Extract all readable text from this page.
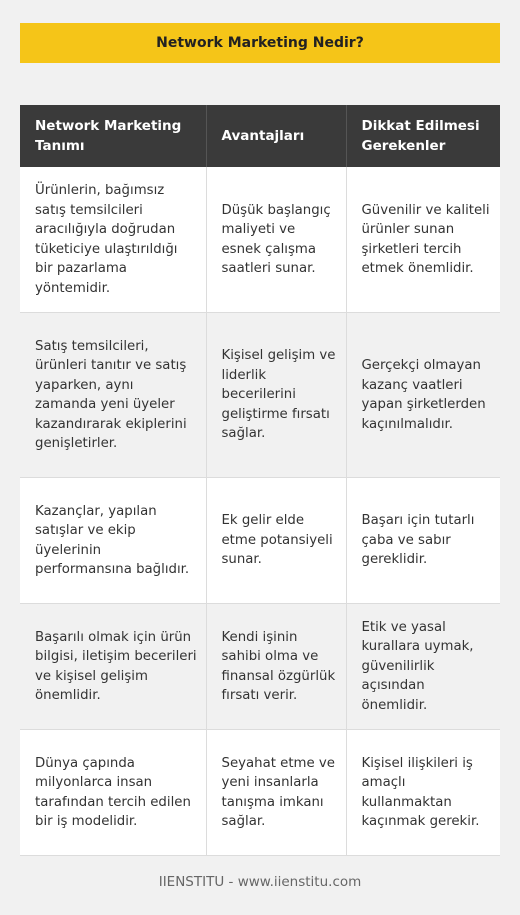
Network Marketing Nedir?
Network Marketing Tanımı	Avantajları	Dikkat Edilmesi Gerekenler
Ürünlerin, bağımsız satış temsilcileri aracılığıyla doğrudan tüketiciye ulaştırıldığı bir pazarlama yöntemidir.	Düşük başlangıç maliyeti ve esnek çalışma saatleri sunar.	Güvenilir ve kaliteli ürünler sunan şirketleri tercih etmek önemlidir.
Satış temsilcileri, ürünleri tanıtır ve satış yaparken, aynı zamanda yeni üyeler kazandırarak ekiplerini genişletirler.	Kişisel gelişim ve liderlik becerilerini geliştirme fırsatı sağlar.	Gerçekçi olmayan kazanç vaatleri yapan şirketlerden kaçınılmalıdır.
Kazançlar, yapılan satışlar ve ekip üyelerinin performansına bağlıdır.	Ek gelir elde etme potansiyeli sunar.	Başarı için tutarlı çaba ve sabır gereklidir.
Başarılı olmak için ürün bilgisi, iletişim becerileri ve kişisel gelişim önemlidir.	Kendi işinin sahibi olma ve finansal özgürlük fırsatı verir.	Etik ve yasal kurallara uymak, güvenilirlik açısından önemlidir.
Dünya çapında milyonlarca insan tarafından tercih edilen bir iş modelidir.	Seyahat etme ve yeni insanlarla tanışma imkanı sağlar.	Kişisel ilişkileri iş amaçlı kullanmaktan kaçınmak gerekir.
IIENSTITU - www.iienstitu.com
